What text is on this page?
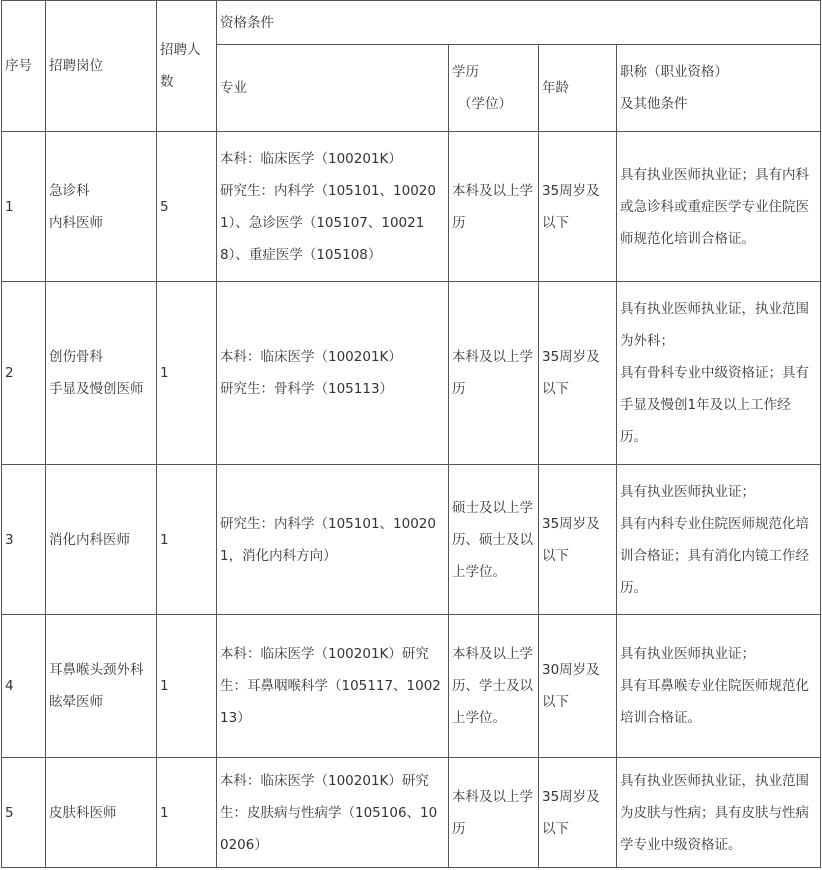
序号	招聘岗位	招聘人数	资格条件			
			专业	学历
（学位）	年龄	职称（职业资格）
及其他条件

1	急诊科
内科医师	5	本科：临床医学（100201K）
研究生：内科学（105101、100201）、急诊医学（105107、100218）、重症医学（105108）	本科及以上学历	35周岁及以下	具有执业医师执业证；具有内科或急诊科或重症医学专业住院医师规范化培训合格证。

2	创伤骨科
手显及慢创医师	1	本科：临床医学（100201K）
研究生：骨科学（105113）	本科及以上学历	35周岁及以下	具有执业医师执业证，执业范围为外科；
具有骨科专业中级资格证；具有手显及慢创1年及以上工作经历。

3	消化内科医师	1	研究生：内科学（105101、100201，消化内科方向）	硕士及以上学历、硕士及以上学位。	35周岁及以下	具有执业医师执业证；
具有内科专业住院医师规范化培训合格证；具有消化内镜工作经历。

4	耳鼻喉头颈外科眩晕医师	1	本科：临床医学（100201K）研究生：耳鼻咽喉科学（105117、100213）	本科及以上学历、学士及以上学位。	30周岁及以下	具有执业医师执业证；
具有耳鼻喉专业住院医师规范化培训合格证。

5	皮肤科医师	1	本科：临床医学（100201K）研究生：皮肤病与性病学（105106、100206）	本科及以上学历	35周岁及以下	具有执业医师执业证，执业范围为皮肤与性病；具有皮肤与性病学专业中级资格证。
